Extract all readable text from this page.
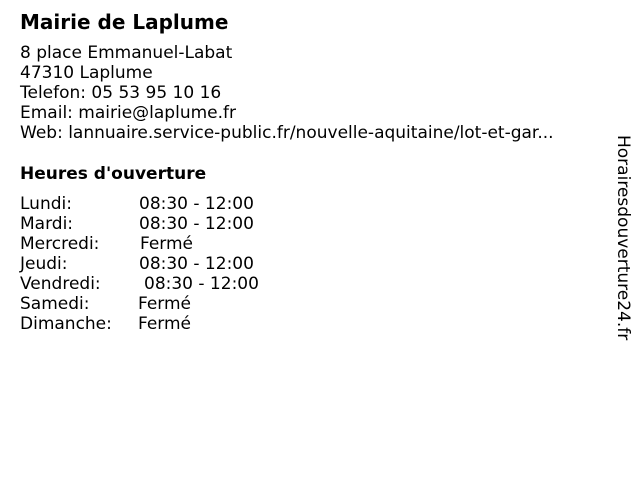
Mairie de Laplume
8 place Emmanuel-Labat
47310 Laplume
Telefon: 05 53 95 10 16
Email: mairie@laplume.fr
Web: lannuaire.service-public.fr/nouvelle-aquitaine/lot-et-gar...
Heures d'ouverture
Lundi:	08:30 - 12:00
Mardi:	08:30 - 12:00
Mercredi: Fermé
Jeudi:	08:30 - 12:00
Vendredi:	08:30 - 12:00
Samedi:	Fermé
Dimanche: Fermé	Horairesdouverture24.fr
